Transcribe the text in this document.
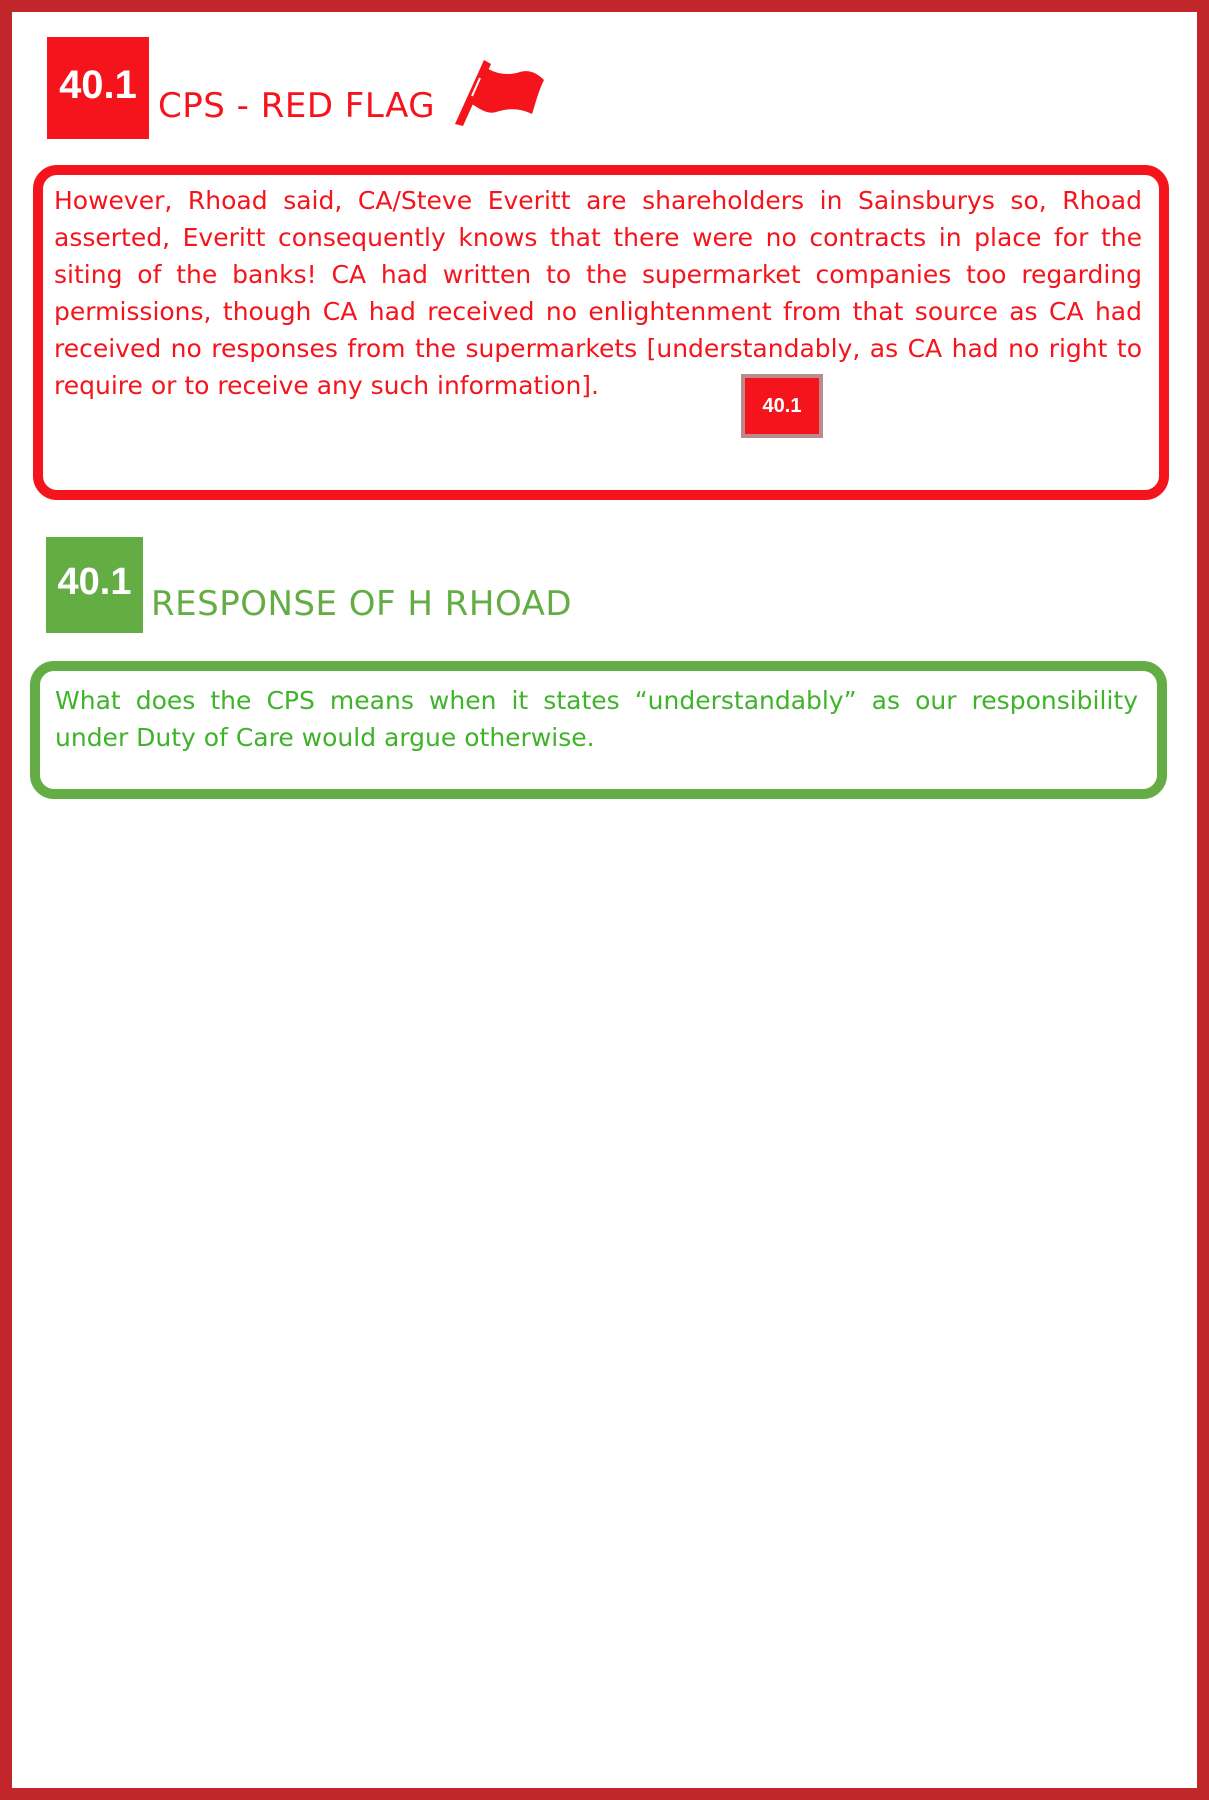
40.1 CPS - RED FLAG
However, Rhoad said, CA/Steve Everitt are shareholders in Sainsburys so, Rhoad asserted, Everitt consequently knows that there were no contracts in place for the siting of the banks! CA had written to the supermarket companies too regarding permissions, though CA had received no enlightenment from that source as CA had received no responses from the supermarkets [understandably, as CA had no right to require or to receive any such information].
40.1
40.1
RESPONSE OF H RHOAD
What does the CPS means when it states “understandably” as our responsibility under Duty of Care would argue otherwise.
